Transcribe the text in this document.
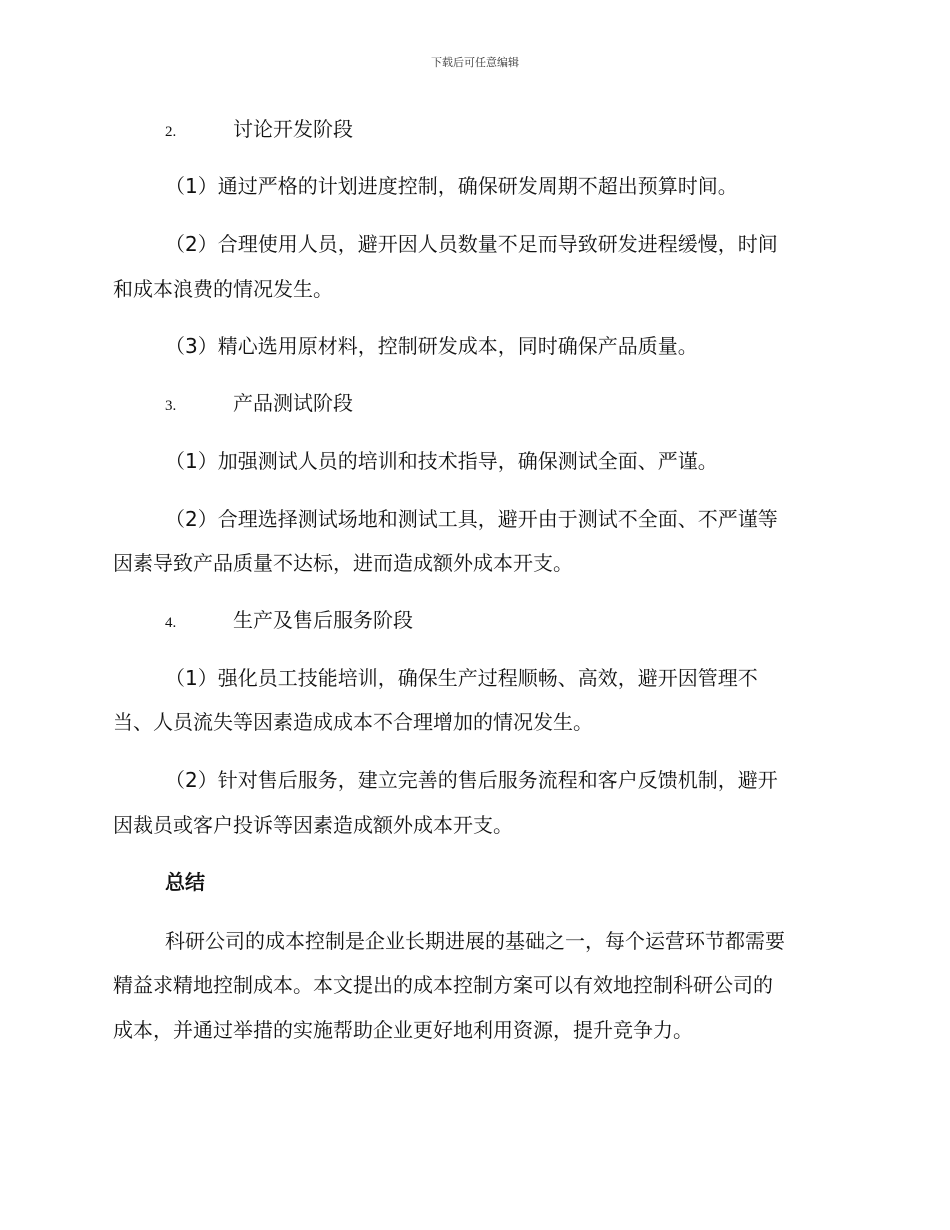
下载后可任意编辑
2.	讨论开发阶段
（1）通过严格的计划进度控制，确保研发周期不超出预算时间。
（2）合理使用人员，避开因人员数量不足而导致研发进程缓慢，时间
和成本浪费的情况发生。
（3）精心选用原材料，控制研发成本，同时确保产品质量。
3.	产品测试阶段
（1）加强测试人员的培训和技术指导，确保测试全面、严谨。
（2）合理选择测试场地和测试工具，避开由于测试不全面、不严谨等
因素导致产品质量不达标，进而造成额外成本开支。
4.	生产及售后服务阶段
（1）强化员工技能培训，确保生产过程顺畅、高效，避开因管理不
当、人员流失等因素造成成本不合理增加的情况发生。
（2）针对售后服务，建立完善的售后服务流程和客户反馈机制，避开
因裁员或客户投诉等因素造成额外成本开支。
总结
科研公司的成本控制是企业长期进展的基础之一，每个运营环节都需要
精益求精地控制成本。本文提出的成本控制方案可以有效地控制科研公司的
成本，并通过举措的实施帮助企业更好地利用资源，提升竞争力。
